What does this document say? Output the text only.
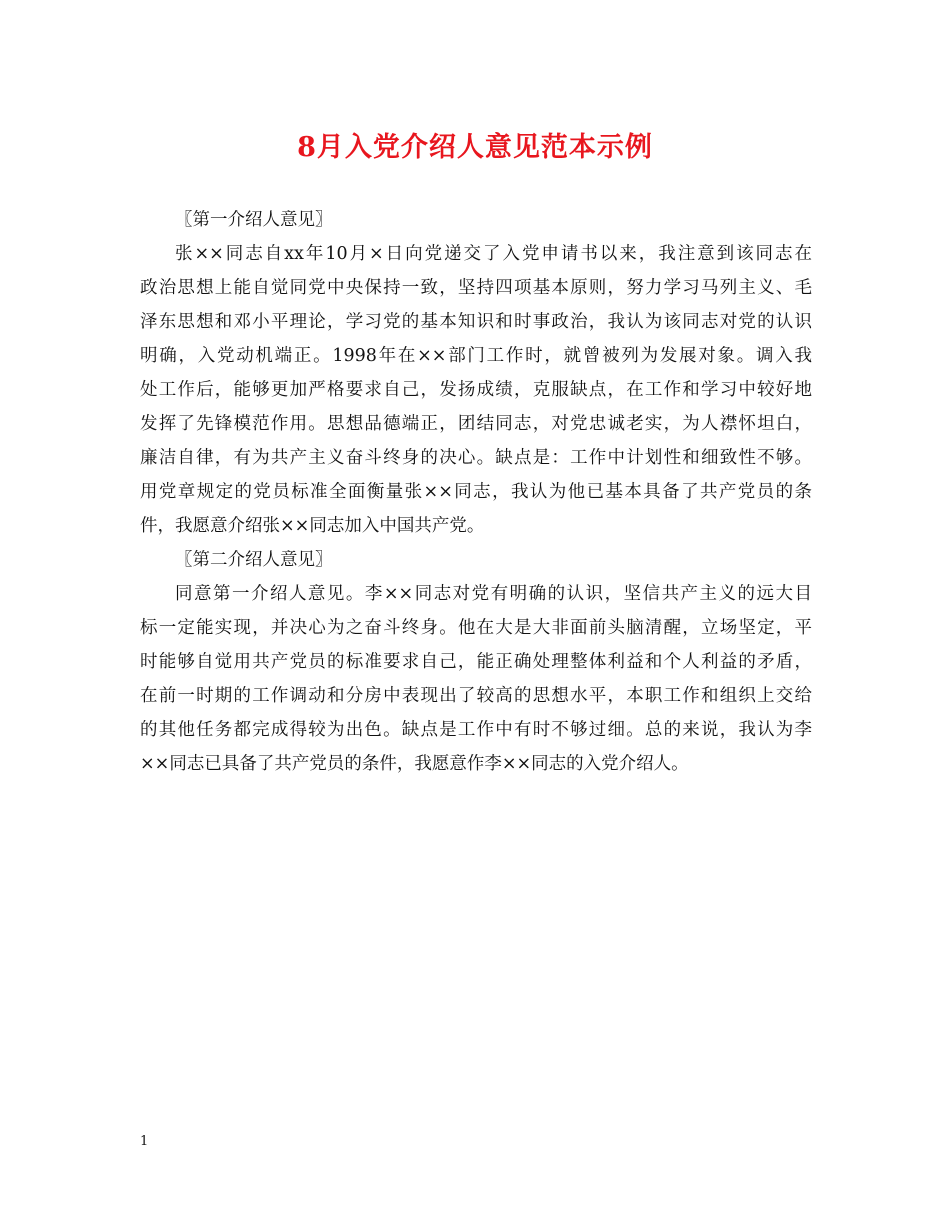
8月入党介绍人意见范本示例
〖第一介绍人意见〗
张××同志自xx年10月×日向党递交了入党申请书以来，我注意到该同志在
政治思想上能自觉同党中央保持一致，坚持四项基本原则，努力学习马列主义、毛
泽东思想和邓小平理论，学习党的基本知识和时事政治，我认为该同志对党的认识
明确，入党动机端正。1998年在××部门工作时，就曾被列为发展对象。调入我
处工作后，能够更加严格要求自己，发扬成绩，克服缺点，在工作和学习中较好地
发挥了先锋模范作用。思想品德端正，团结同志，对党忠诚老实，为人襟怀坦白，
廉洁自律，有为共产主义奋斗终身的决心。缺点是：工作中计划性和细致性不够。
用党章规定的党员标准全面衡量张××同志，我认为他已基本具备了共产党员的条
件，我愿意介绍张××同志加入中国共产党。
〖第二介绍人意见〗
同意第一介绍人意见。李××同志对党有明确的认识，坚信共产主义的远大目
标一定能实现，并决心为之奋斗终身。他在大是大非面前头脑清醒，立场坚定，平
时能够自觉用共产党员的标准要求自己，能正确处理整体利益和个人利益的矛盾，
在前一时期的工作调动和分房中表现出了较高的思想水平，本职工作和组织上交给
的其他任务都完成得较为出色。缺点是工作中有时不够过细。总的来说，我认为李
××同志已具备了共产党员的条件，我愿意作李××同志的入党介绍人。
1
